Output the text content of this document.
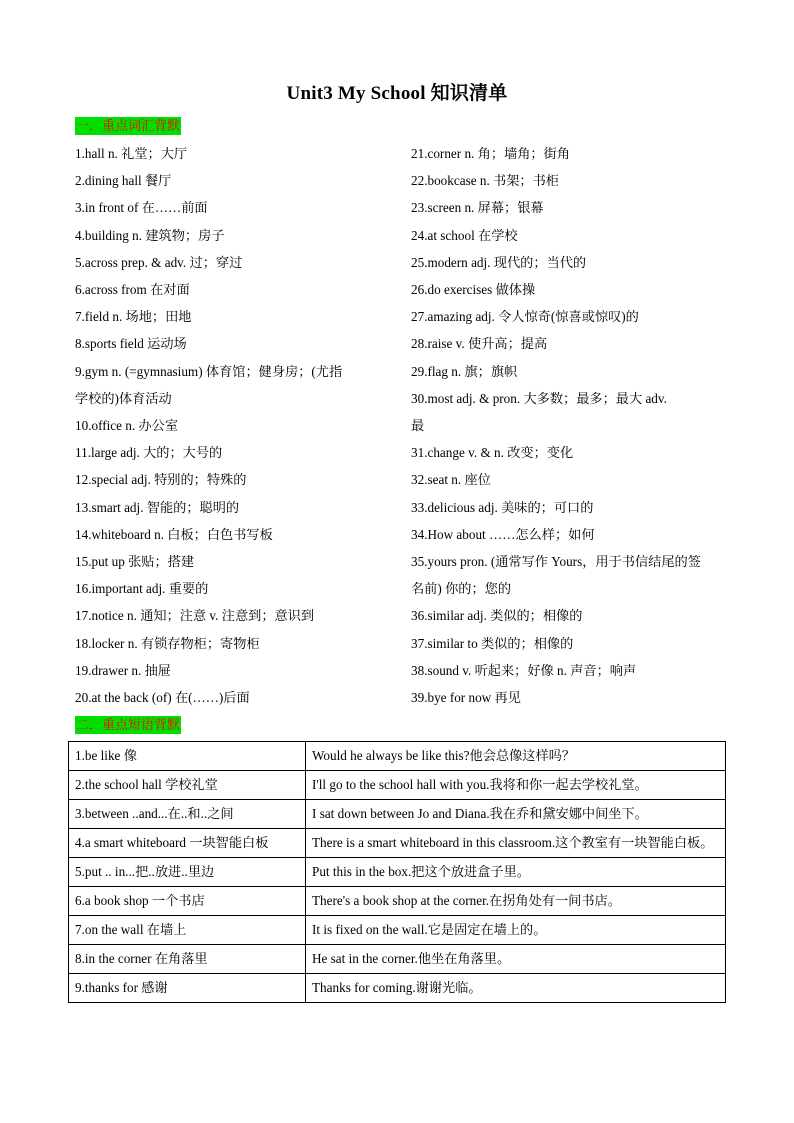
Unit3 My School 知识清单
一．重点词汇背默
1.hall n. 礼堂；大厅	21.corner n. 角；墙角；街角
2.dining hall 餐厅	22.bookcase n. 书架；书柜
3.in front of 在……前面	23.screen n. 屏幕；银幕
4.building n. 建筑物；房子	24.at school 在学校
5.across prep. & adv. 过；穿过	25.modern adj. 现代的；当代的
6.across from 在对面	26.do exercises 做体操
7.field n. 场地；田地	27.amazing adj. 令人惊奇(惊喜或惊叹)的
8.sports field 运动场	28.raise v. 使升高；提高
9.gym n. (=gymnasium) 体育馆；健身房；(尤指	29.flag n. 旗；旗帜
学校的)体育活动	30.most adj. & pron. 大多数；最多；最大 adv.
10.office n. 办公室	最
11.large adj. 大的；大号的	31.change v. & n. 改变；变化
12.special adj. 特别的；特殊的	32.seat n. 座位
13.smart adj. 智能的；聪明的	33.delicious adj. 美味的；可口的
14.whiteboard n. 白板；白色书写板	34.How about ……怎么样；如何
15.put up 张贴；搭建	35.yours pron. (通常写作 Yours，用于书信结尾的签
16.important adj. 重要的	名前) 你的；您的
17.notice n. 通知；注意 v. 注意到；意识到	36.similar adj. 类似的；相像的
18.locker n. 有锁存物柜；寄物柜	37.similar to 类似的；相像的
19.drawer n. 抽屉	38.sound v. 听起来；好像 n. 声音；响声
20.at the back (of) 在(……)后面	39.bye for now 再见
二．重点短语背默
1.be like 像	Would he always be like this?他会总像这样吗？
2.the school hall 学校礼堂	I'll go to the school hall with you.我将和你一起去学校礼堂。
3.between ..and...在..和..之间	I sat down between Jo and Diana.我在乔和黛安娜中间坐下。
4.a smart whiteboard 一块智能白板	There is a smart whiteboard in this classroom.这个教室有一块智能白板。
5.put .. in...把..放进..里边	Put this in the box.把这个放进盒子里。
6.a book shop 一个书店	There's a book shop at the corner.在拐角处有一间书店。
7.on the wall 在墙上	It is fixed on the wall.它是固定在墙上的。
8.in the corner 在角落里	He sat in the corner.他坐在角落里。
9.thanks for 感谢	Thanks for coming.谢谢光临。
